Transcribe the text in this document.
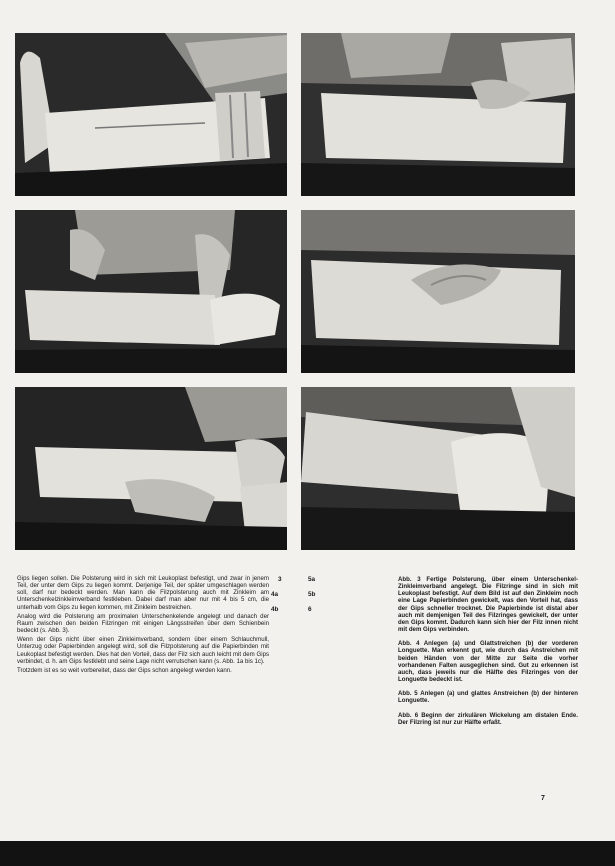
Gips liegen sollen. Die Polsterung wird in sich mit Leukoplast befestigt, und zwar in jenem Teil, der unter dem Gips zu liegen kommt. Derjenige Teil, der später umgeschlagen werden soll, darf nur bedeckt werden. Man kann die Filzpolsterung auch mit Zinkleim am Unterschenkelzinkleimverband festkleben. Dabei darf man aber nur mit 4 bis 5 cm, die unterhalb vom Gips zu liegen kommen, mit Zinkleim bestreichen.

Analog wird die Polsterung am proximalen Unterschenkelende angelegt und danach der Raum zwischen den beiden Filzringen mit einigen Längsstreifen über dem Schienbein bedeckt (s. Abb. 3).

Wenn der Gips nicht über einen Zinkleimverband, sondern über einem Schlauchmull, Unterzug oder Papierbinden angelegt wird, soll die Filzpolsterung auf die Papierbinden mit Leukoplast befestigt werden. Dies hat den Vorteil, dass der Filz sich auch leicht mit dem Gips verbindet, d. h. am Gips festklebt und seine Lage nicht verrutschen kann (s. Abb. 1a bis 1c).

Trotzdem ist es so weit vorbereitet, dass der Gips schon angelegt werden kann.

3	5a
4a	5b
4b	6

Abb. 3 Fertige Polsterung, über einem Unterschenkel-Zinkleimverband angelegt. Die Filzringe sind in sich mit Leukoplast befestigt. Auf dem Bild ist auf den Zinkleim noch eine Lage Papierbinden gewickelt, was den Vorteil hat, dass der Gips schneller trocknet. Die Papierbinde ist distal aber auch mit demjenigen Teil des Filzringes gewickelt, der unter den Gips kommt. Dadurch kann sich hier der Filz innen nicht mit dem Gips verbinden.

Abb. 4 Anlegen (a) und Glattstreichen (b) der vorderen Longuette. Man erkennt gut, wie durch das Anstreichen mit beiden Händen von der Mitte zur Seite die vorher vorhandenen Falten ausgeglichen sind. Gut zu erkennen ist auch, dass jeweils nur die Hälfte des Filzringes von der Longuette bedeckt ist.

Abb. 5 Anlegen (a) und glattes Anstreichen (b) der hinteren Longuette.

Abb. 6 Beginn der zirkulären Wickelung am distalen Ende. Der Filzring ist nur zur Hälfte erfaßt.

7
